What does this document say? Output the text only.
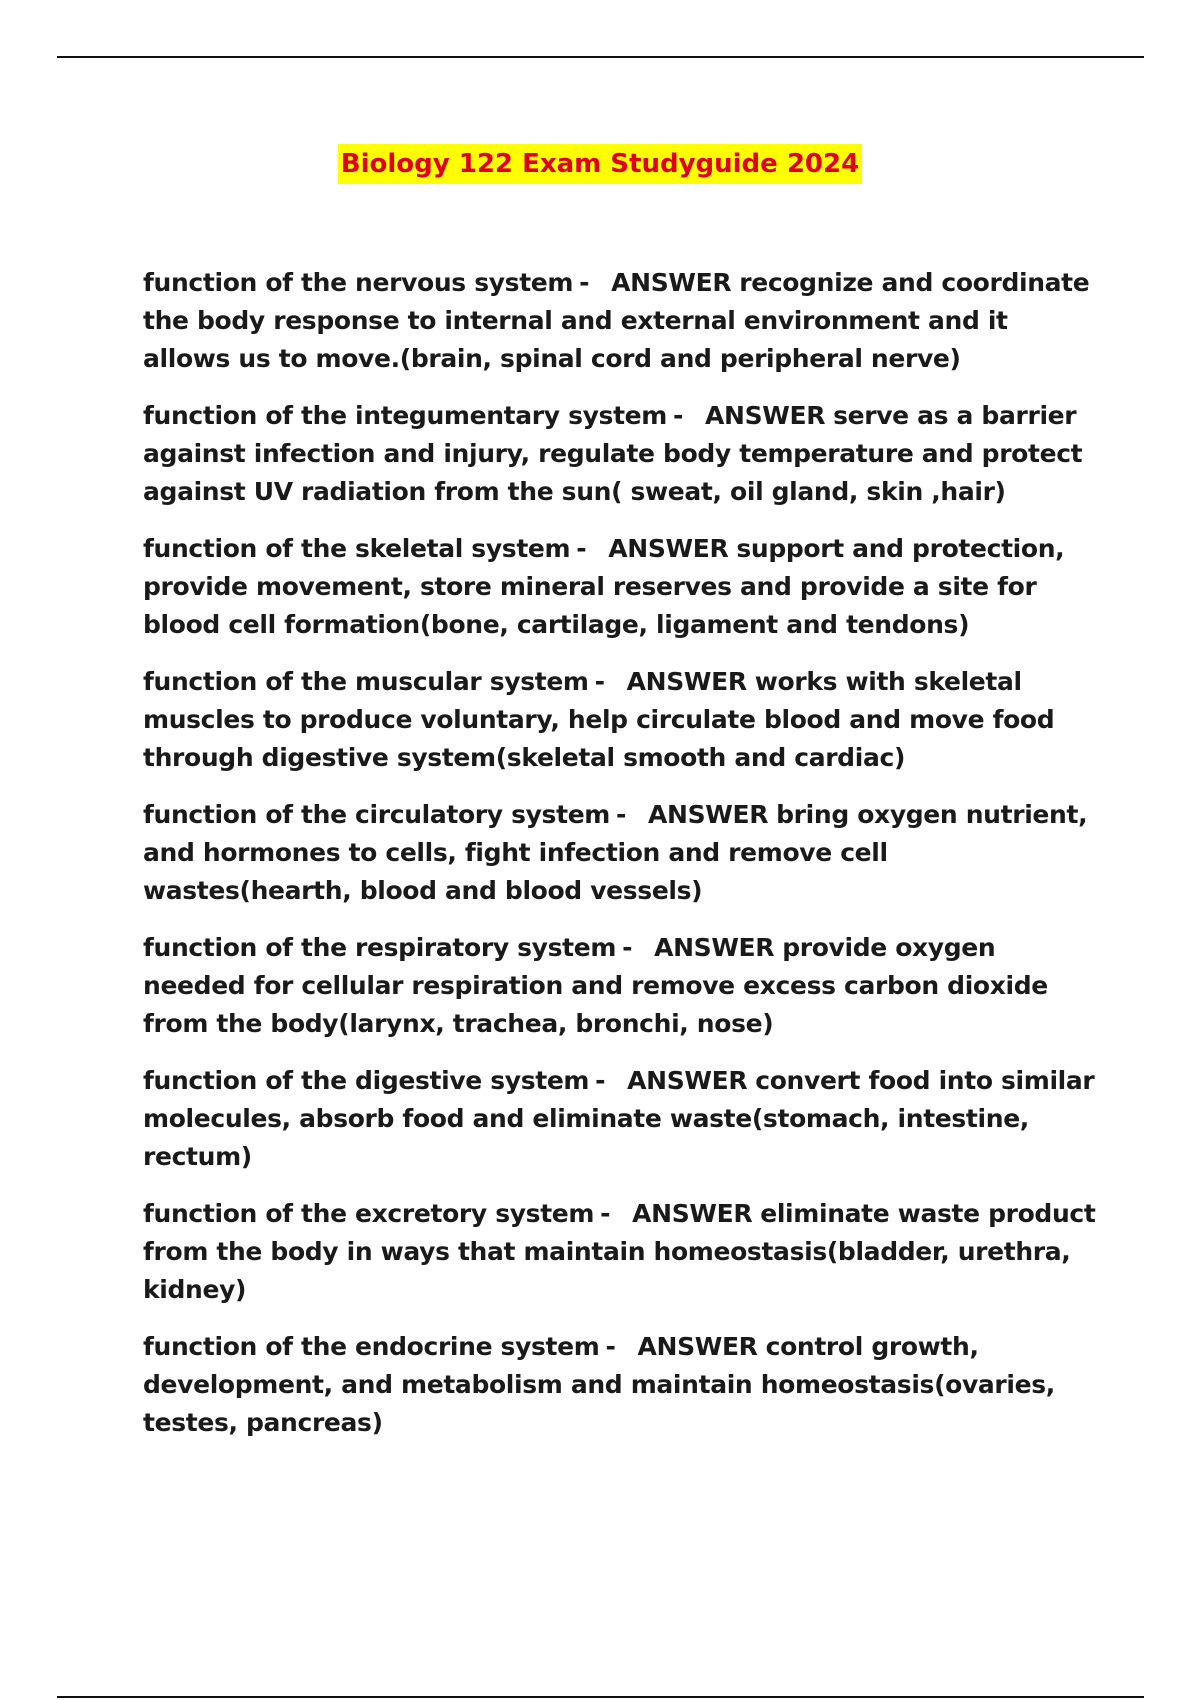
Biology 122 Exam Studyguide 2024
function of the nervous system - ANSWER recognize and coordinate the body response to internal and external environment and it allows us to move.(brain, spinal cord and peripheral nerve)
function of the integumentary system - ANSWER serve as a barrier against infection and injury, regulate body temperature and protect against UV radiation from the sun( sweat, oil gland, skin ,hair)
function of the skeletal system - ANSWER support and protection, provide movement, store mineral reserves and provide a site for blood cell formation(bone, cartilage, ligament and tendons)
function of the muscular system - ANSWER works with skeletal muscles to produce voluntary, help circulate blood and move food through digestive system(skeletal smooth and cardiac)
function of the circulatory system - ANSWER bring oxygen nutrient, and hormones to cells, fight infection and remove cell wastes(hearth, blood and blood vessels)
function of the respiratory system - ANSWER provide oxygen needed for cellular respiration and remove excess carbon dioxide from the body(larynx, trachea, bronchi, nose)
function of the digestive system - ANSWER convert food into similar molecules, absorb food and eliminate waste(stomach, intestine, rectum)
function of the excretory system - ANSWER eliminate waste product from the body in ways that maintain homeostasis(bladder, urethra, kidney)
function of the endocrine system - ANSWER control growth, development, and metabolism and maintain homeostasis(ovaries, testes, pancreas)
